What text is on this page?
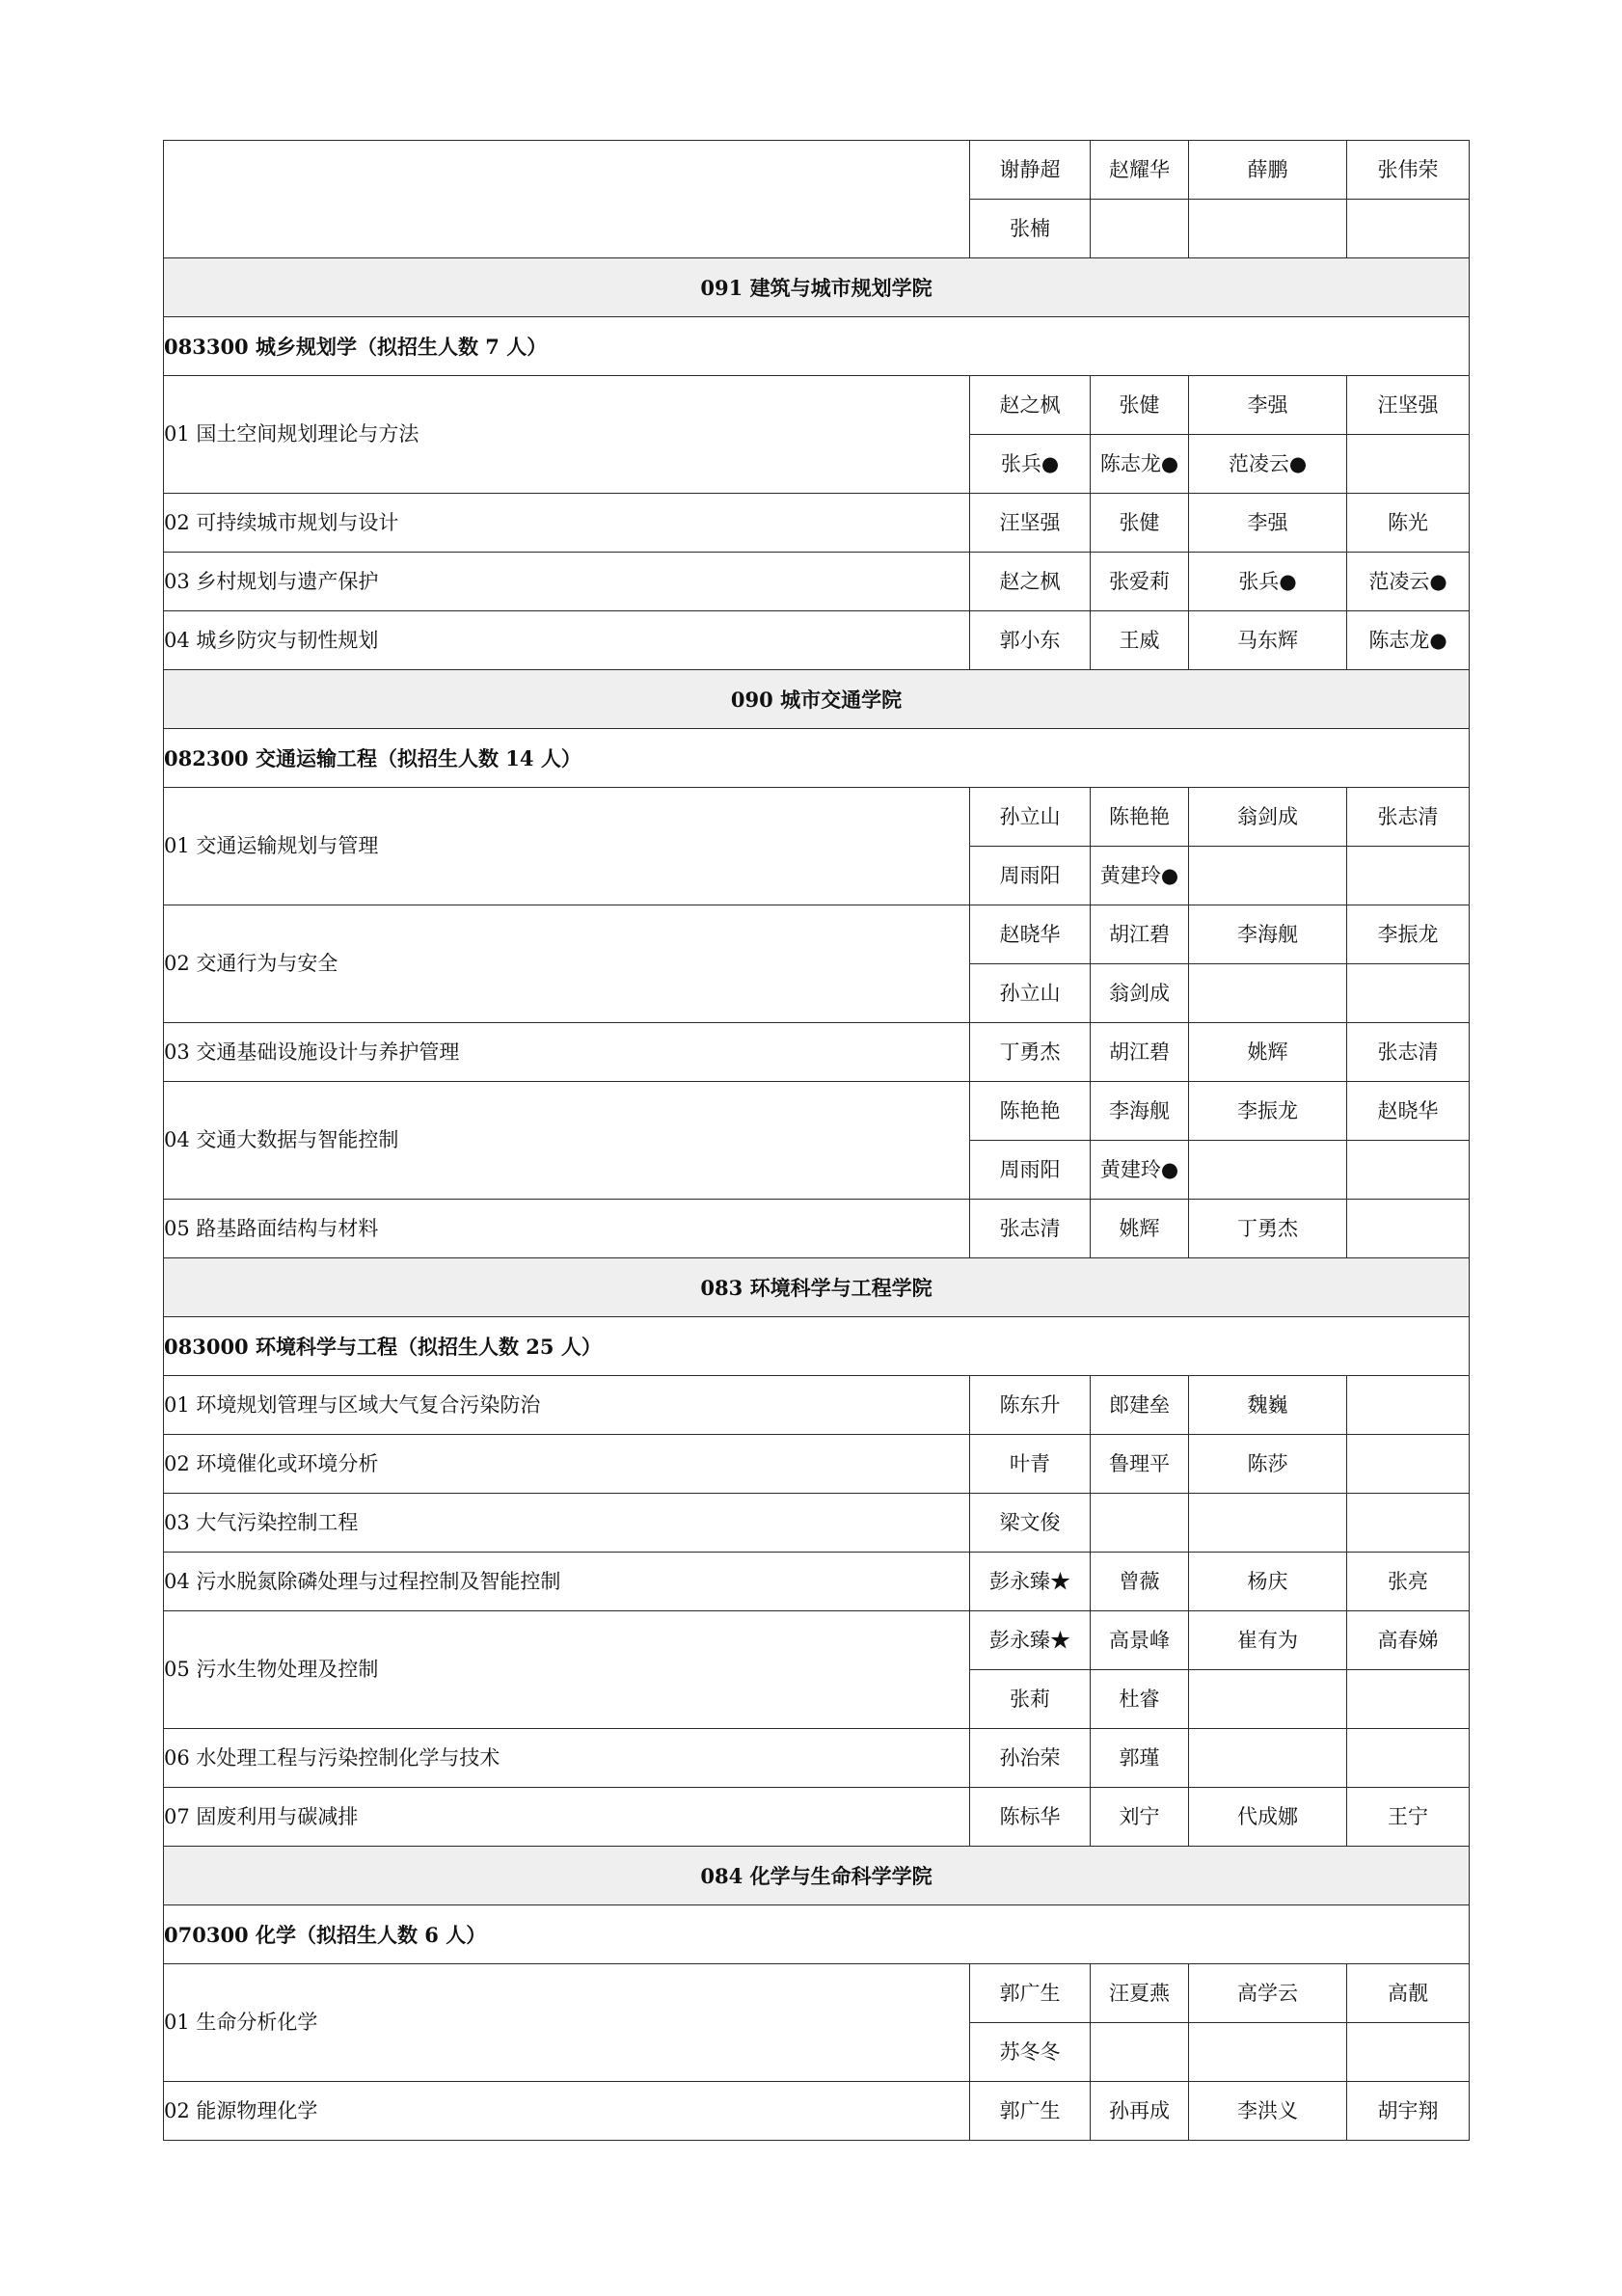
	谢静超	赵耀华	薛鹏	张伟荣
	张楠			
091 建筑与城市规划学院				
083300 城乡规划学（拟招生人数 7 人）				
01 国土空间规划理论与方法	赵之枫	张健	李强	汪坚强
	张兵●	陈志龙●	范凌云●	
02 可持续城市规划与设计	汪坚强	张健	李强	陈光
03 乡村规划与遗产保护	赵之枫	张爱莉	张兵●	范凌云●
04 城乡防灾与韧性规划	郭小东	王威	马东辉	陈志龙●
090 城市交通学院				
082300 交通运输工程（拟招生人数 14 人）				
01 交通运输规划与管理	孙立山	陈艳艳	翁剑成	张志清
	周雨阳	黄建玲●		
02 交通行为与安全	赵晓华	胡江碧	李海舰	李振龙
	孙立山	翁剑成		
03 交通基础设施设计与养护管理	丁勇杰	胡江碧	姚辉	张志清
04 交通大数据与智能控制	陈艳艳	李海舰	李振龙	赵晓华
	周雨阳	黄建玲●		
05 路基路面结构与材料	张志清	姚辉	丁勇杰	
083 环境科学与工程学院				
083000 环境科学与工程（拟招生人数 25 人）				
01 环境规划管理与区域大气复合污染防治	陈东升	郎建垒	魏巍	
02 环境催化或环境分析	叶青	鲁理平	陈莎	
03 大气污染控制工程	梁文俊			
04 污水脱氮除磷处理与过程控制及智能控制	彭永臻★	曾薇	杨庆	张亮
05 污水生物处理及控制	彭永臻★	高景峰	崔有为	高春娣
	张莉	杜睿		
06 水处理工程与污染控制化学与技术	孙治荣	郭瑾		
07 固废利用与碳减排	陈标华	刘宁	代成娜	王宁
084 化学与生命科学学院				
070300 化学（拟招生人数 6 人）				
01 生命分析化学	郭广生	汪夏燕	高学云	高靓
	苏冬冬			
02 能源物理化学	郭广生	孙再成	李洪义	胡宇翔
